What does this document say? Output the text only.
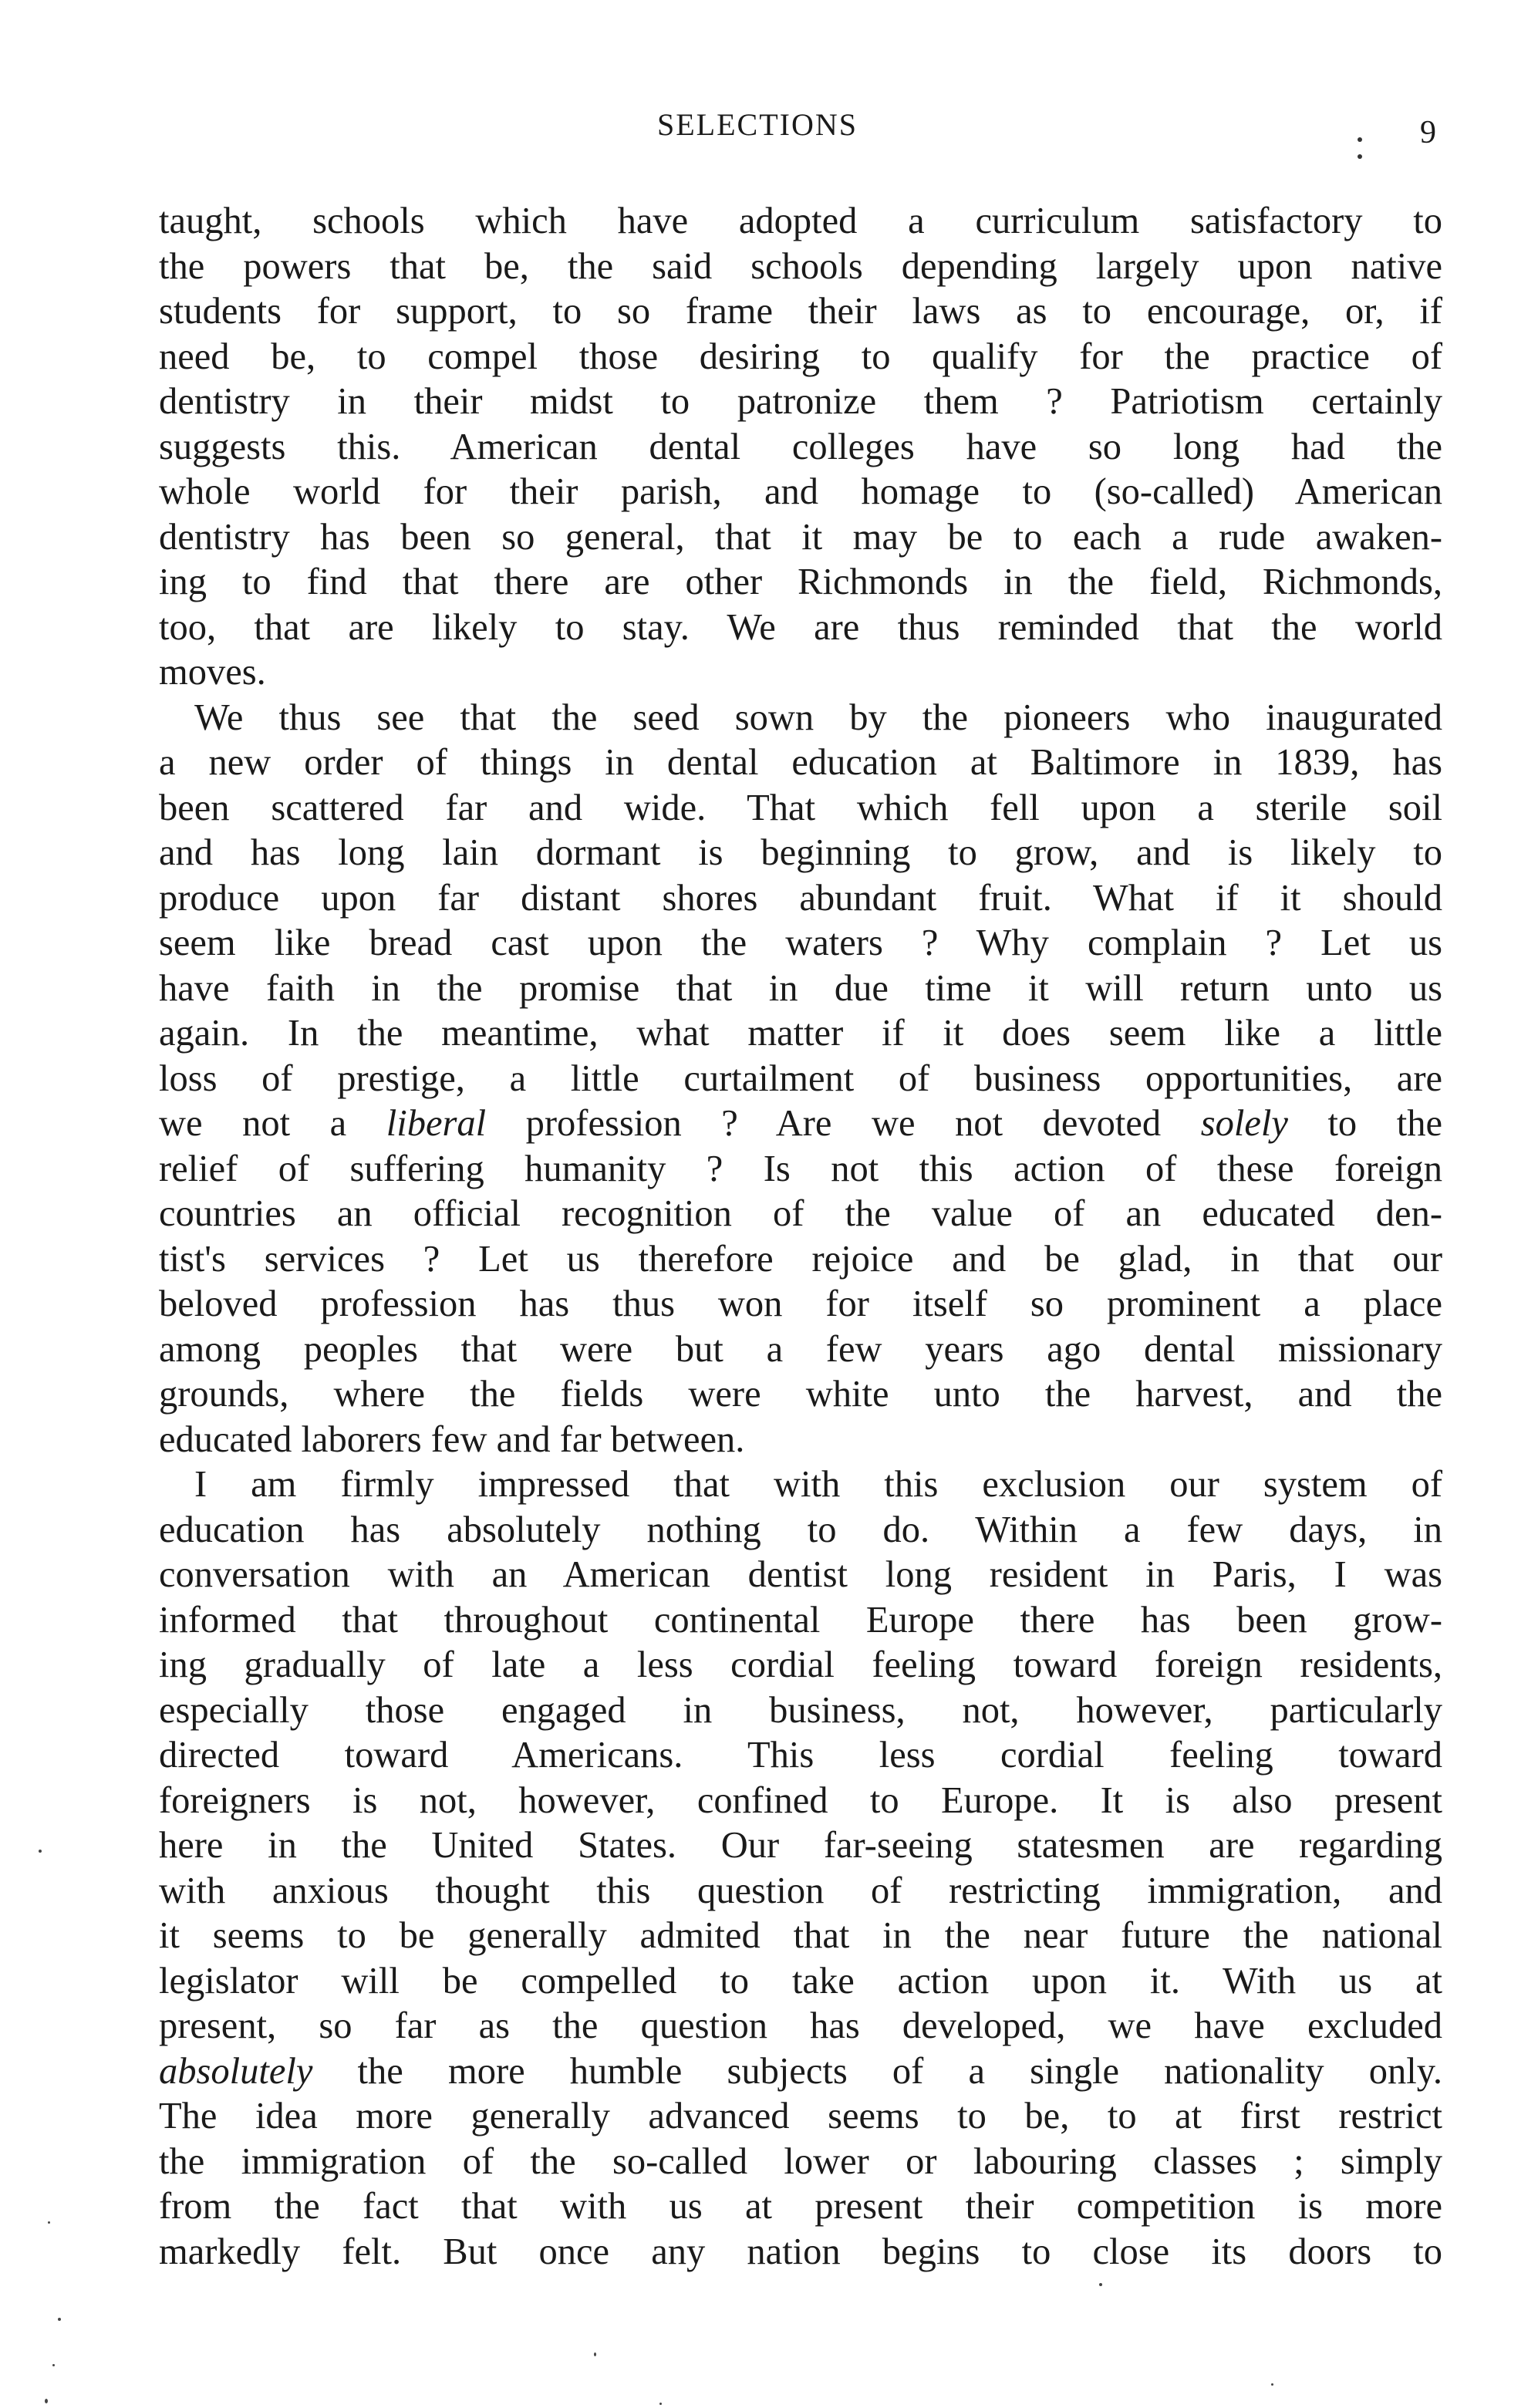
SELECTIONS	9
taught, schools which have adopted a curriculum satisfactory to
the powers that be, the said schools depending largely upon native
students for support, to so frame their laws as to encourage, or, if
need be, to compel those desiring to qualify for the practice of
dentistry in their midst to patronize them ? Patriotism certainly
suggests this. American dental colleges have so long had the
whole world for their parish, and homage to (so-called) American
dentistry has been so general, that it may be to each a rude awaken-
ing to find that there are other Richmonds in the field, Richmonds,
too, that are likely to stay. We are thus reminded that the world
moves.
We thus see that the seed sown by the pioneers who inaugurated
a new order of things in dental education at Baltimore in 1839, has
been scattered far and wide. That which fell upon a sterile soil
and has long lain dormant is beginning to grow, and is likely to
produce upon far distant shores abundant fruit. What if it should
seem like bread cast upon the waters ? Why complain ? Let us
have faith in the promise that in due time it will return unto us
again. In the meantime, what matter if it does seem like a little
loss of prestige, a little curtailment of business opportunities, are
we not a liberal profession ? Are we not devoted solely to the
relief of suffering humanity ? Is not this action of these foreign
countries an official recognition of the value of an educated den-
tist's services ? Let us therefore rejoice and be glad, in that our
beloved profession has thus won for itself so prominent a place
among peoples that were but a few years ago dental missionary
grounds, where the fields were white unto the harvest, and the
educated laborers few and far between.
I am firmly impressed that with this exclusion our system of
education has absolutely nothing to do. Within a few days, in
conversation with an American dentist long resident in Paris, I was
informed that throughout continental Europe there has been grow-
ing gradually of late a less cordial feeling toward foreign residents,
especially those engaged in business, not, however, particularly
directed toward Americans. This less cordial feeling toward
foreigners is not, however, confined to Europe. It is also present
here in the United States. Our far-seeing statesmen are regarding
with anxious thought this question of restricting immigration, and
it seems to be generally admited that in the near future the national
legislator will be compelled to take action upon it. With us at
present, so far as the question has developed, we have excluded
absolutely the more humble subjects of a single nationality only.
The idea more generally advanced seems to be, to at first restrict
the immigration of the so-called lower or labouring classes ; simply
from the fact that with us at present their competition is more
markedly felt. But once any nation begins to close its doors to
